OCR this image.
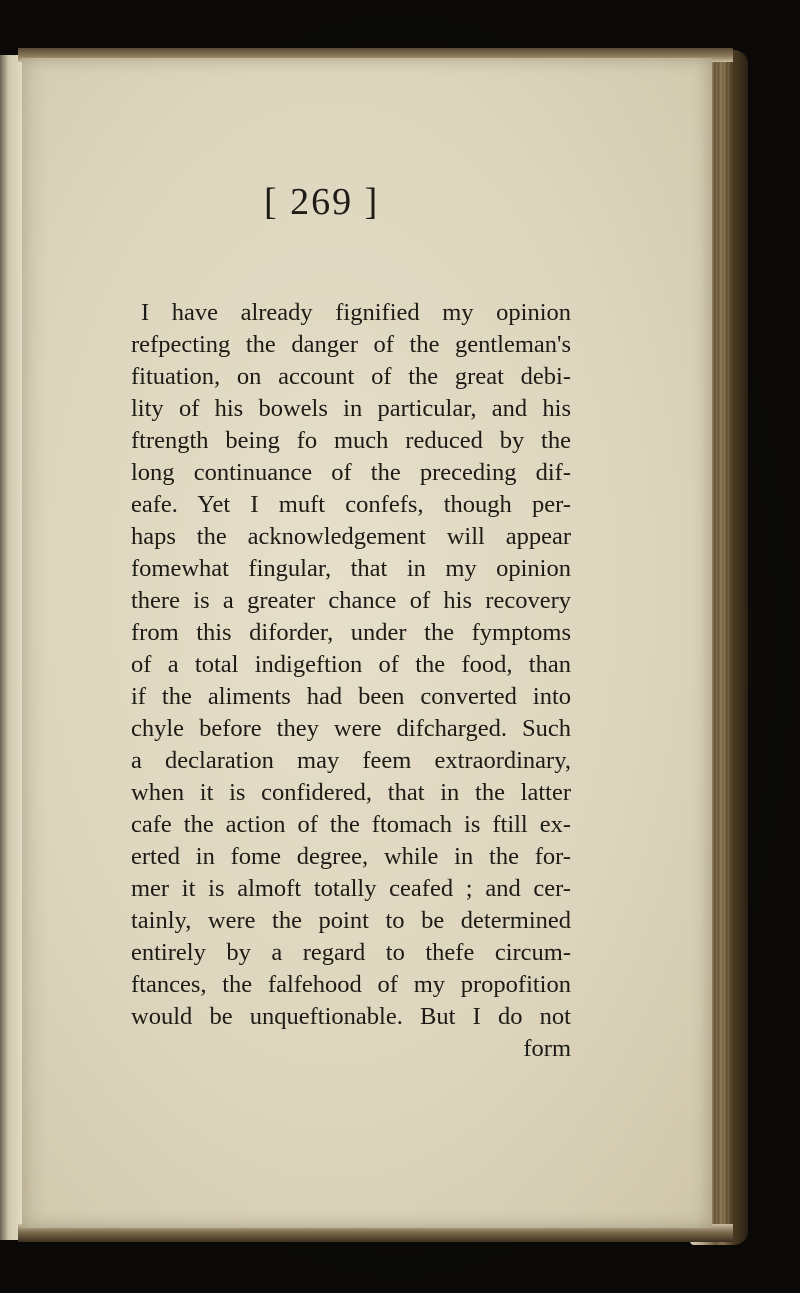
[ 269 ]
I have already fignified my opinion
refpecting the danger of the gentleman's
fituation, on account of the great debi-
lity of his bowels in particular, and his
ftrength being fo much reduced by the
long continuance of the preceding dif-
eafe. Yet I muft confefs, though per-
haps the acknowledgement will appear
fomewhat fingular, that in my opinion
there is a greater chance of his recovery
from this diforder, under the fymptoms
of a total indigeftion of the food, than
if the aliments had been converted into
chyle before they were difcharged. Such
a declaration may feem extraordinary,
when it is confidered, that in the latter
cafe the action of the ftomach is ftill ex-
erted in fome degree, while in the for-
mer it is almoft totally ceafed ; and cer-
tainly, were the point to be determined
entirely by a regard to thefe circum-
ftances, the falfehood of my propofition
would be unqueftionable. But I do not
form
